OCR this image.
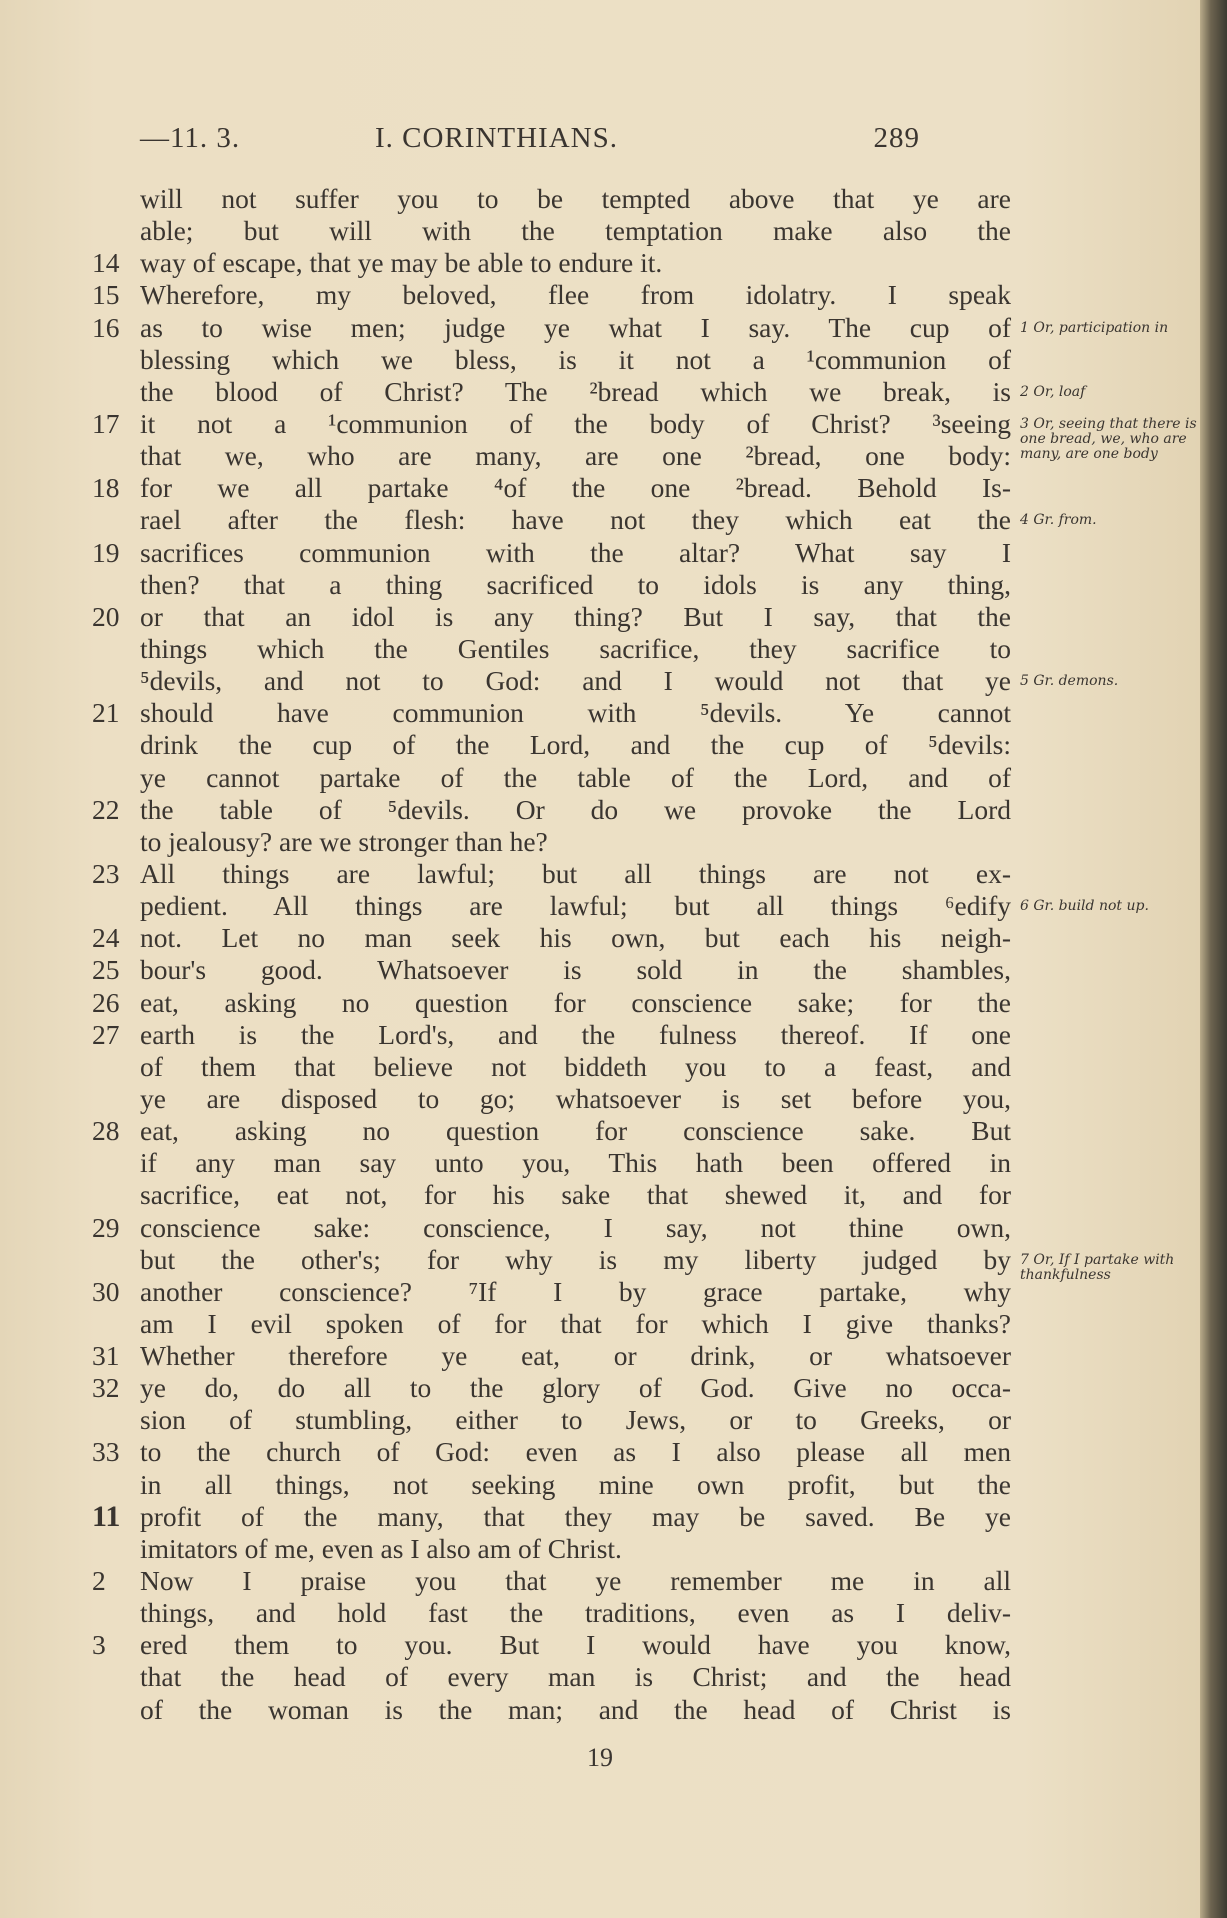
—11. 3.	I. CORINTHIANS.	289
will not suffer you to be tempted above that ye are
able; but will with the temptation make also the
14 way of escape, that ye may be able to endure it.
15 Wherefore, my beloved, flee from idolatry. I speak
16 as to wise men; judge ye what I say. The cup of 1 Or, participation in
blessing which we bless, is it not a ¹communion of
the blood of Christ? The ²bread which we break, is 2 Or, loaf
17 it not a ¹communion of the body of Christ? ³seeing 3 Or, seeing that there is one bread, we, who are many, are one body
that we, who are many, are one ²bread, one body:
18 for we all partake ⁴of the one ²bread. Behold Is-
rael after the flesh: have not they which eat the 4 Gr. from.
19 sacrifices communion with the altar? What say I
then? that a thing sacrificed to idols is any thing,
20 or that an idol is any thing? But I say, that the
things which the Gentiles sacrifice, they sacrifice to
⁵devils, and not to God: and I would not that ye 5 Gr. demons.
21 should have communion with ⁵devils. Ye cannot
drink the cup of the Lord, and the cup of ⁵devils:
ye cannot partake of the table of the Lord, and of
22 the table of ⁵devils. Or do we provoke the Lord
to jealousy? are we stronger than he?
23 All things are lawful; but all things are not ex-
pedient. All things are lawful; but all things ⁶edify 6 Gr. build not up.
24 not. Let no man seek his own, but each his neigh-
25 bour's good. Whatsoever is sold in the shambles,
26 eat, asking no question for conscience sake; for the
27 earth is the Lord's, and the fulness thereof. If one
of them that believe not biddeth you to a feast, and
ye are disposed to go; whatsoever is set before you,
28 eat, asking no question for conscience sake. But
if any man say unto you, This hath been offered in
sacrifice, eat not, for his sake that shewed it, and for
29 conscience sake: conscience, I say, not thine own,
but the other's; for why is my liberty judged by 7 Or, If I partake with thankfulness
30 another conscience? ⁷If I by grace partake, why
am I evil spoken of for that for which I give thanks?
31 Whether therefore ye eat, or drink, or whatsoever
32 ye do, do all to the glory of God. Give no occa-
sion of stumbling, either to Jews, or to Greeks, or
33 to the church of God: even as I also please all men
in all things, not seeking mine own profit, but the
11 profit of the many, that they may be saved. Be ye
imitators of me, even as I also am of Christ.
2	Now I praise you that ye remember me in all
things, and hold fast the traditions, even as I deliv-
3	ered them to you. But I would have you know,
that the head of every man is Christ; and the head
of the woman is the man; and the head of Christ is
19
